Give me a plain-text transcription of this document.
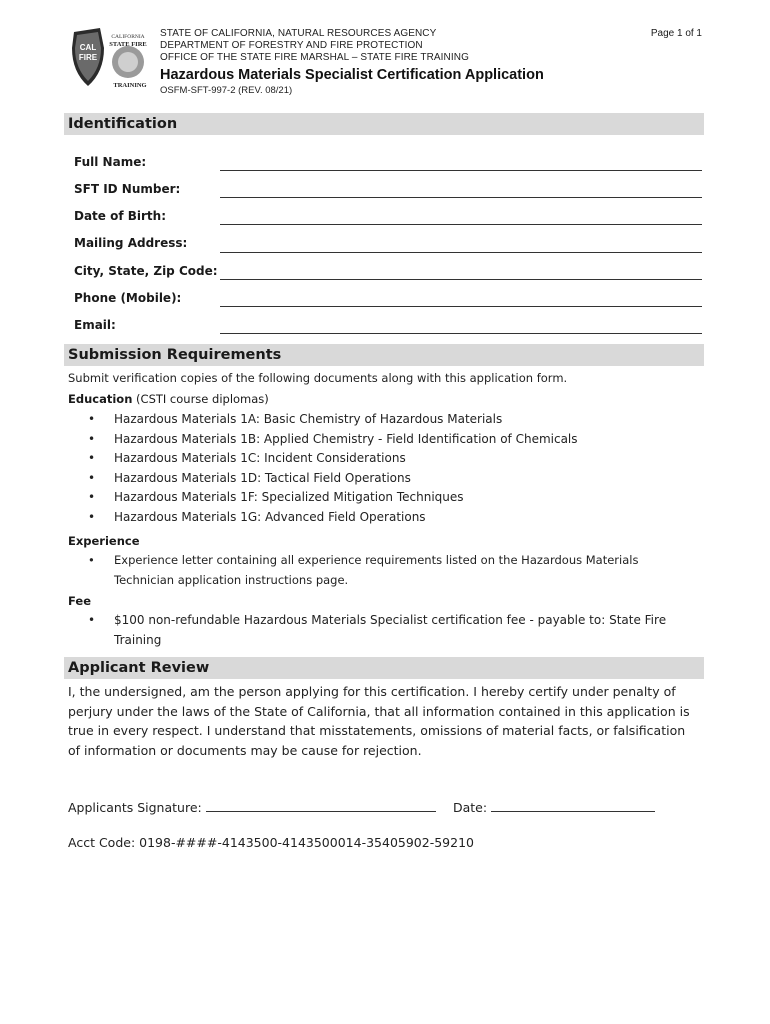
CAL
FIRE
CALIFORNIA
STATE FIRE
TRAINING
STATE OF CALIFORNIA, NATURAL RESOURCES AGENCY
DEPARTMENT OF FORESTRY AND FIRE PROTECTION
OFFICE OF THE STATE FIRE MARSHAL – STATE FIRE TRAINING
Hazardous Materials Specialist Certification Application
OSFM-SFT-997-2 (REV. 08/21)
Page 1 of 1
Identification
Full Name:
SFT ID Number:
Date of Birth:
Mailing Address:
City, State, Zip Code:
Phone (Mobile):
Email:
Submission Requirements
Submit verification copies of the following documents along with this application form.
Education (CSTI course diplomas)
• Hazardous Materials 1A: Basic Chemistry of Hazardous Materials
• Hazardous Materials 1B: Applied Chemistry - Field Identification of Chemicals
• Hazardous Materials 1C: Incident Considerations
• Hazardous Materials 1D: Tactical Field Operations
• Hazardous Materials 1F: Specialized Mitigation Techniques
• Hazardous Materials 1G: Advanced Field Operations
Experience
• Experience letter containing all experience requirements listed on the Hazardous Materials Technician application instructions page.
Fee
• $100 non-refundable Hazardous Materials Specialist certification fee - payable to: State Fire Training
Applicant Review
I, the undersigned, am the person applying for this certification. I hereby certify under penalty of perjury under the laws of the State of California, that all information contained in this application is true in every respect. I understand that misstatements, omissions of material facts, or falsification of information or documents may be cause for rejection.
Applicants Signature:	Date:
Acct Code: 0198-####-4143500-4143500014-35405902-59210
